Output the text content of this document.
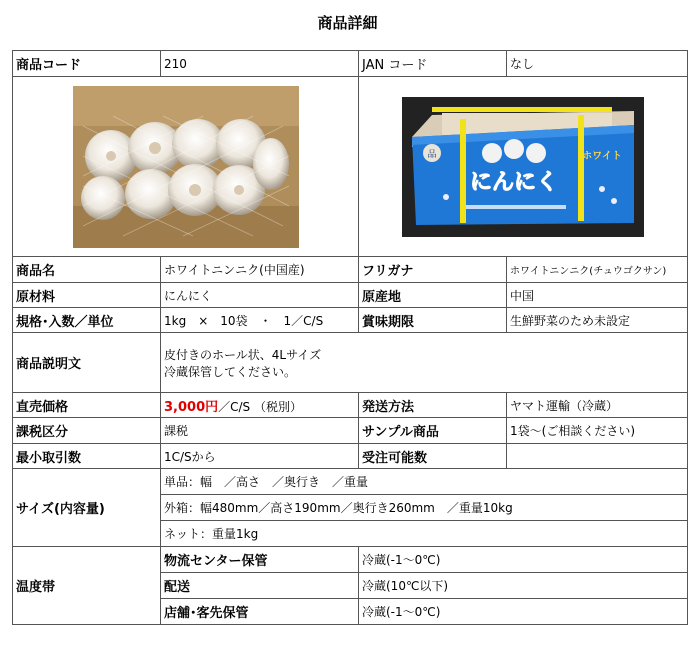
商品詳細
商品コード	210	JAN コード	なし

品
にんにく
ホワイト	

商品名	ホワイトニンニク(中国産)	フリガナ	ホワイトニンニク(チュウゴクサン)
原材料	にんにく	原産地	中国
規格･入数／単位	1kg　×　10袋　・　1／C/S	賞味期限	生鮮野菜のため未設定
商品説明文	皮付きのホール状、4Lサイズ
冷蔵保管してください。		

直売価格	3,000円／C/S （税別）	発送方法	ヤマト運輸（冷蔵）
課税区分	課税	サンプル商品	1袋～(ご相談ください)
最小取引数	1C/Sから	受注可能数	
サイズ(内容量)	単品：幅　／高さ　／奥行き　／重量		
	外箱：幅480mm／高さ190mm／奥行き260mm　／重量10kg		
	ネット：重量1kg		
温度帯	物流センター保管	冷蔵(-1～0℃)	
	配送	冷蔵(10℃以下)	
	店舗･客先保管	冷蔵(-1～0℃)	
